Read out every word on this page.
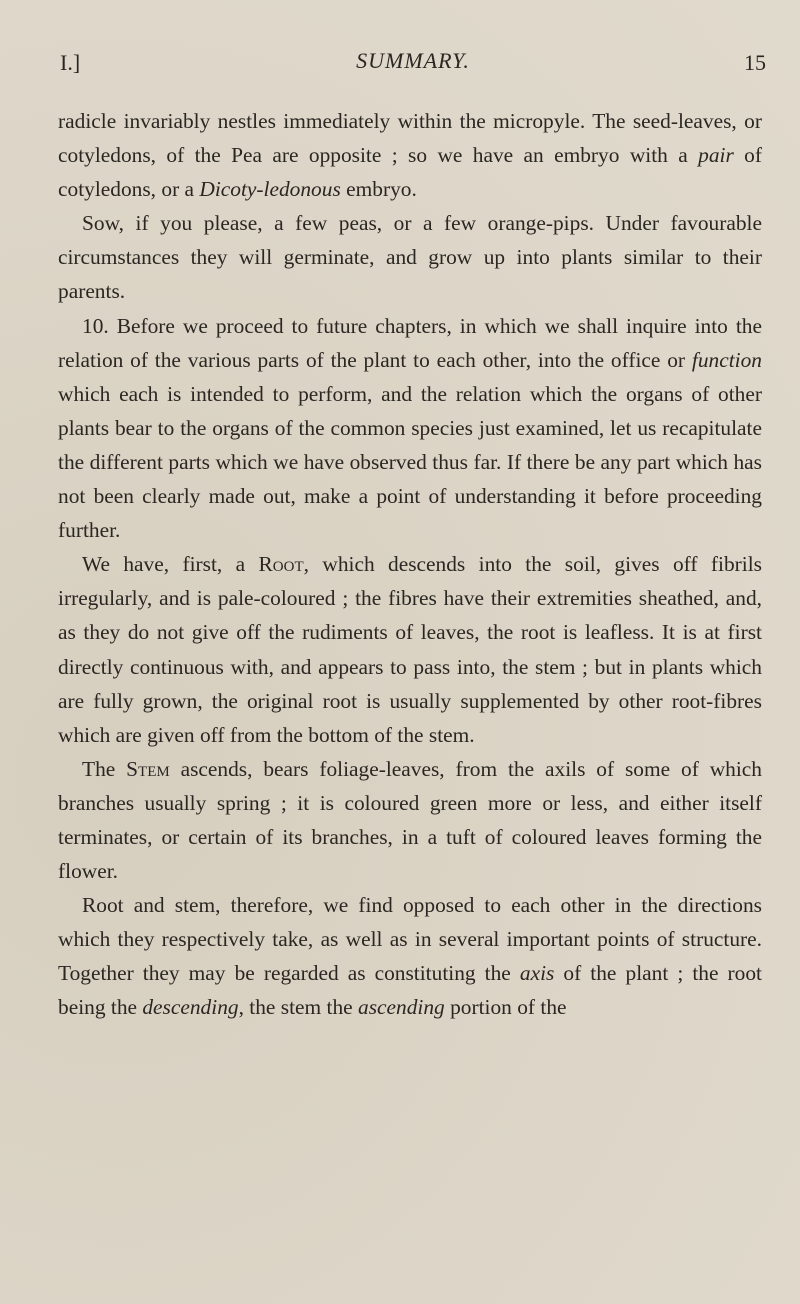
I.]	SUMMARY.	15

radicle invariably nestles immediately within the micropyle. The seed-leaves, or cotyledons, of the Pea are opposite ; so we have an embryo with a pair of cotyledons, or a Dicoty-ledonous embryo.

Sow, if you please, a few peas, or a few orange-pips. Under favourable circumstances they will germinate, and grow up into plants similar to their parents.

10. Before we proceed to future chapters, in which we shall inquire into the relation of the various parts of the plant to each other, into the office or function which each is intended to perform, and the relation which the organs of other plants bear to the organs of the common species just examined, let us recapitulate the different parts which we have observed thus far. If there be any part which has not been clearly made out, make a point of understanding it before proceeding further.

We have, first, a Root, which descends into the soil, gives off fibrils irregularly, and is pale-coloured ; the fibres have their extremities sheathed, and, as they do not give off the rudiments of leaves, the root is leafless. It is at first directly continuous with, and appears to pass into, the stem ; but in plants which are fully grown, the original root is usually supplemented by other root-fibres which are given off from the bottom of the stem.

The Stem ascends, bears foliage-leaves, from the axils of some of which branches usually spring ; it is coloured green more or less, and either itself terminates, or certain of its branches, in a tuft of coloured leaves forming the flower.

Root and stem, therefore, we find opposed to each other in the directions which they respectively take, as well as in several important points of structure. Together they may be regarded as constituting the axis of the plant ; the root being the descending, the stem the ascending portion of the
